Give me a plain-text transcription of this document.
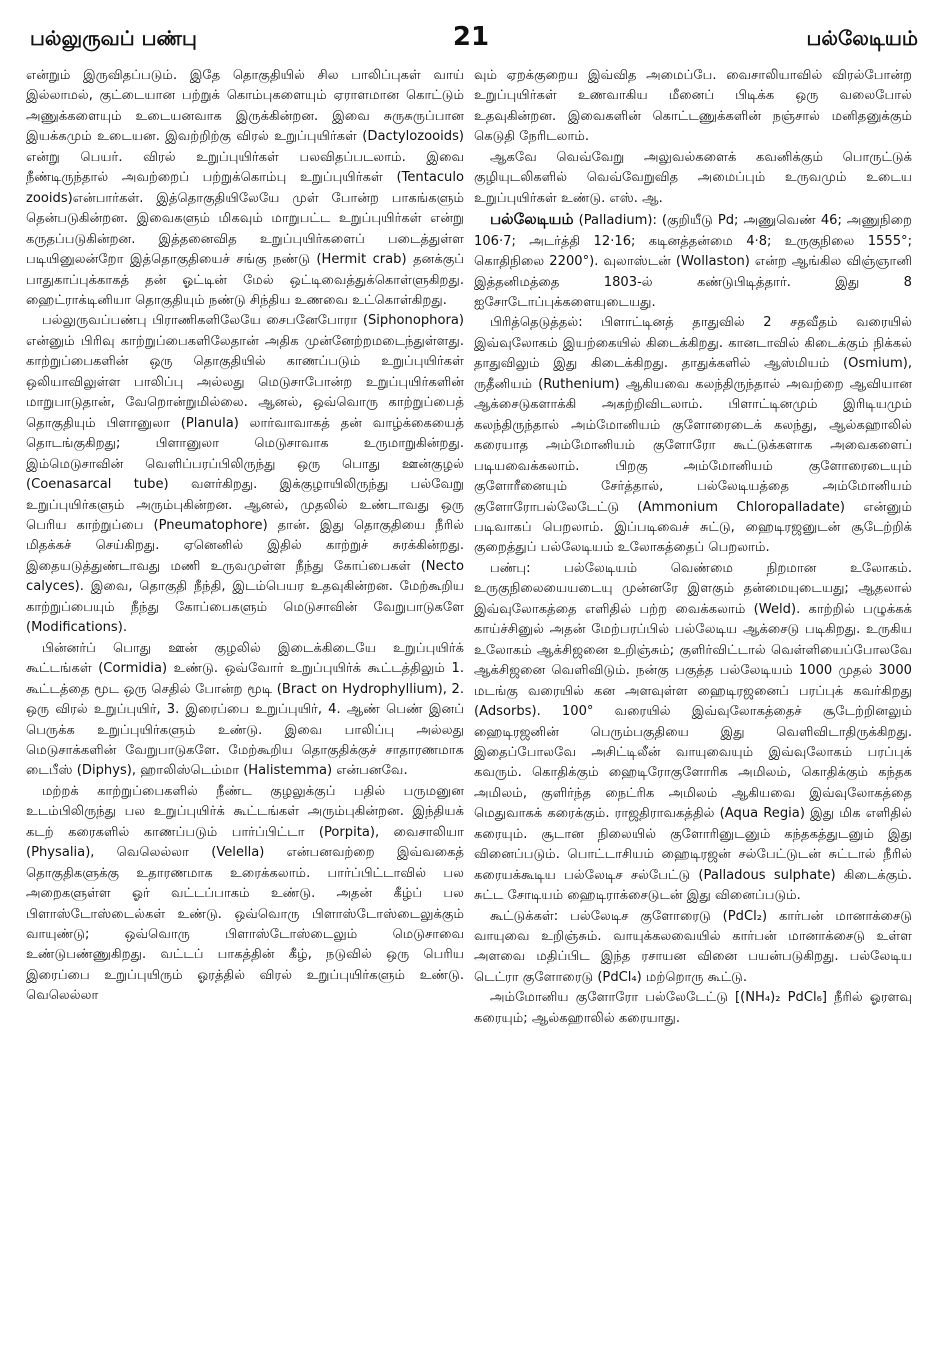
பல்லுருவப் பண்பு	21	பல்லேடியம்

என்றும் இருவிதப்படும். இதே தொகுதியில் சில பாலிப்புகள் வாய் இல்லாமல், குட்டையான பற்றுக் கொம்புகளையும் ஏராளமான கொட்டும் அணுக்களையும் உடையனவாக இருக்கின்றன. இவை சுருசுருப்பான இயக்கமும் உடையன. இவற்றிற்கு விரல் உறுப்புயிர்கள் (Dactylozooids) என்று பெயர். விரல் உறுப்புயிர்கள் பலவிதப்படலாம். இவை நீண்டிருந்தால் அவற்றைப் பற்றுக்கொம்பு உறுப்புயிர்கள் (Tentaculo zooids)என்பார்கள். இத்தொகுதியிலேயே முள் போன்ற பாகங்களும் தென்படுகின்றன. இவைகளும் மிகவும் மாறுபட்ட உறுப்புயிர்கள் என்று கருதப்படுகின்றன. இத்தனைவித உறுப்புயிர்களைப் படைத்துள்ள படியினுலன்றோ இத்தொகுதியைச் சங்கு நண்டு (Hermit crab) தனக்குப் பாதுகாப்புக்காகத் தன் ஓட்டின் மேல் ஒட்டிவைத்துக்கொள்ளுகிறது. ஹைட்ராக்டினியா தொகுதியும் நண்டு சிந்திய உணவை உட்கொள்கிறது.

பல்லுருவப்பண்பு பிராணிகளிலேயே சைபனேபோரா (Siphonophora) என்னும் பிரிவு காற்றுப்பைகளிலேதான் அதிக முன்னேற்றமடைந்துள்ளது. காற்றுப்பைகளின் ஒரு தொகுதியில் காணப்படும் உறுப்புயிர்கள் ஒலியாவிலுள்ள பாலிப்பு அல்லது மெடுசாபோன்ற உறுப்புயிர்களின் மாறுபாடுதான், வேறொன்றுமில்லை. ஆனல், ஒவ்வொரு காற்றுப்பைத் தொகுதியும் பிளானுலா (Planula) லார்வாவாகத் தன் வாழ்க்கையைத் தொடங்குகிறது; பிளானுலா மெடுசாவாக உருமாறுகின்றது. இம்மெடுசாவின் வெளிப்பரப்பிலிருந்து ஒரு பொது ஊன்குழல் (Coenasarcal tube) வளர்கிறது. இக்குழாயிலிருந்து பல்வேறு உறுப்புயிர்களும் அரும்புகின்றன. ஆனல், முதலில் உண்டாவது ஒரு பெரிய காற்றுப்பை (Pneumatophore) தான். இது தொகுதியை நீரில் மிதக்கச் செய்கிறது. ஏனெனில் இதில் காற்றுச் சுரக்கின்றது. இதையடுத்துண்டாவது மணி உருவமுள்ள நீந்து கோப்பைகள் (Necto calyces). இவை, தொகுதி நீந்தி, இடம்பெயர உதவுகின்றன. மேற்கூறிய காற்றுப்பையும் நீந்து கோப்பைகளும் மெடுசாவின் வேறுபாடுகளே (Modifications).

பின்னர்ப் பொது ஊன் குழலில் இடைக்கிடையே உறுப்புயிர்க் கூட்டங்கள் (Cormidia) உண்டு. ஒவ்வோர் உறுப்புயிர்க் கூட்டத்திலும் 1. கூட்டத்தை மூட ஒரு செதில் போன்ற மூடி (Bract on Hydrophyllium), 2. ஒரு விரல் உறுப்புயிர், 3. இரைப்பை உறுப்புயிர், 4. ஆண் பெண் இனப் பெருக்க உறுப்புயிர்களும் உண்டு. இவை பாலிப்பு அல்லது மெடுசாக்களின் வேறுபாடுகளே. மேற்கூறிய தொகுதிக்குச் சாதாரணமாக டைபீஸ் (Diphys), ஹாலிஸ்டெம்மா (Halistemma) என்பனவே.

மற்றக் காற்றுப்பைகளில் நீண்ட குழலுக்குப் பதில் பருமனுன உடம்பிலிருந்து பல உறுப்புயிர்க் கூட்டங்கள் அரும்புகின்றன. இந்தியக் கடற் கரைகளில் காணப்படும் பார்ப்பிட்டா (Porpita), வைசாலியா (Physalia), வெலெல்லா (Velella) என்பனவற்றை இவ்வகைத் தொகுதிகளுக்கு உதாரணமாக உரைக்கலாம். பார்ப்பிட்டாவில் பல அறைகளுள்ள ஓர் வட்டப்பாகம் உண்டு. அதன் கீழ்ப் பல பிளாஸ்டோஸ்டைல்கள் உண்டு. ஒவ்வொரு பிளாஸ்டோஸ்டைலுக்கும் வாயுண்டு; ஒவ்வொரு பிளாஸ்டோஸ்டைலும் மெடுசாவை உண்டுபண்ணுகிறது. வட்டப் பாகத்தின் கீழ், நடுவில் ஒரு பெரிய இரைப்பை உறுப்புயிரும் ஓரத்தில் விரல் உறுப்புயிர்களும் உண்டு. வெலெல்லா

வும் ஏறக்குறைய இவ்வித அமைப்பே. வைசாலியாவில் விரல்போன்ற உறுப்புயிர்கள் உணவாகிய மீனைப் பிடிக்க ஒரு வலைபோல் உதவுகின்றன. இவைகளின் கொட்டணுக்களின் நஞ்சால் மனிதனுக்கும் கெடுதி நேரிடலாம்.

ஆகவே வெவ்வேறு அலுவல்களைக் கவனிக்கும் பொருட்டுக் குழியுடலிகளில் வெவ்வேறுவித அமைப்பும் உருவமும் உடைய உறுப்புயிர்கள் உண்டு. எஸ். ஆ.

பல்லேடியம் (Palladium): (குறியீடு Pd; அணுவெண் 46; அணுநிறை 106·7; அடர்த்தி 12·16; கடினத்தன்மை 4·8; உருகுநிலை 1555°; கொதிநிலை 2200°). வுலாஸ்டன் (Wollaston) என்ற ஆங்கில விஞ்ஞானி இத்தனிமத்தை 1803-ல் கண்டுபிடித்தார். இது 8 ஐசோடோப்புக்களையுடையது.

பிரித்தெடுத்தல்: பிளாட்டினத் தாதுவில் 2 சதவீதம் வரையில் இவ்வுலோகம் இயற்கையில் கிடைக்கிறது. கானடாவில் கிடைக்கும் நிக்கல் தாதுவிலும் இது கிடைக்கிறது. தாதுக்களில் ஆஸ்மியம் (Osmium), ருதீனியம் (Ruthenium) ஆகியவை கலந்திருந்தால் அவற்றை ஆவியான ஆக்சைடுகளாக்கி அகற்றிவிடலாம். பிளாட்டினமும் இரிடியமும் கலந்திருந்தால் அம்மோனியம் குளோரைடைக் கலந்து, ஆல்கஹாலில் கரையாத அம்மோனியம் குளோரோ கூட்டுக்களாக அவைகளைப் படியவைக்கலாம். பிறகு அம்மோனியம் குளோரைடையும் குளோரீனையும் சேர்த்தால், பல்லேடியத்தை அம்மோனியம் குளோரோபல்லேடேட்டு (Ammonium Chloropalladate) என்னும் படிவாகப் பெறலாம். இப்படிவைச் சுட்டு, ஹைடிரஜனுடன் சூடேற்றிக் குறைத்துப் பல்லேடியம் உலோகத்தைப் பெறலாம்.

பண்பு: பல்லேடியம் வெண்மை நிறமான உலோகம். உருகுநிலையையடையு முன்னரே இளகும் தன்மையுடையது; ஆதலால் இவ்வுலோகத்தை எளிதில் பற்ற வைக்கலாம் (Weld). காற்றில் பழுக்கக் காய்ச்சினுல் அதன் மேற்பரப்பில் பல்லேடிய ஆக்சைடு படிகிறது. உருகிய உலோகம் ஆக்சிஜனை உறிஞ்சும்; குளிர்விட்டால் வெள்ளியைப்போலவே ஆக்சிஜனை வெளிவிடும். நன்கு பகுத்த பல்லேடியம் 1000 முதல் 3000 மடங்கு வரையில் கன அளவுள்ள ஹைடிரஜனைப் பரப்புக் கவர்கிறது (Adsorbs). 100° வரையில் இவ்வுலோகத்தைச் சூடேற்றினலும் ஹைடிரஜனின் பெரும்பகுதியை இது வெளிவிடாதிருக்கிறது. இதைப்போலவே அசிட்டிலீன் வாயுவையும் இவ்வுலோகம் பரப்புக் கவரும். கொதிக்கும் ஹைடிரோகுளோரிக அமிலம், கொதிக்கும் கந்தக அமிலம், குளிர்ந்த நைட்ரிக அமிலம் ஆகியவை இவ்வுலோகத்தை மெதுவாகக் கரைக்கும். ராஜதிராவகத்தில் (Aqua Regia) இது மிக எளிதில் கரையும். சூடான நிலையில் குளோரினுடனும் கந்தகத்துடனும் இது வினைப்படும். பொட்டாசியம் ஹைடிரஜன் சல்பேட்டுடன் சுட்டால் நீரில் கரையக்கூடிய பல்லேடிச சல்பேட்டு (Palladous sulphate) கிடைக்கும். சுட்ட சோடியம் ஹைடிராக்சைடுடன் இது வினைப்படும்.

கூட்டுக்கள்: பல்லேடிச குளோரைடு (PdCl₂) கார்பன் மானாக்சைடு வாயுவை உறிஞ்சும். வாயுக்கலவையில் கார்பன் மானாக்சைடு உள்ள அளவை மதிப்பிட இந்த ரசாயன வினை பயன்படுகிறது. பல்லேடிய டெட்ரா குளோரைடு (PdCl₄) மற்றொரு கூட்டு.

அம்மோனிய குளோரோ பல்லேடேட்டு [(NH₄)₂ PdCl₆] நீரில் ஓரளவு கரையும்; ஆல்கஹாலில் கரையாது.
